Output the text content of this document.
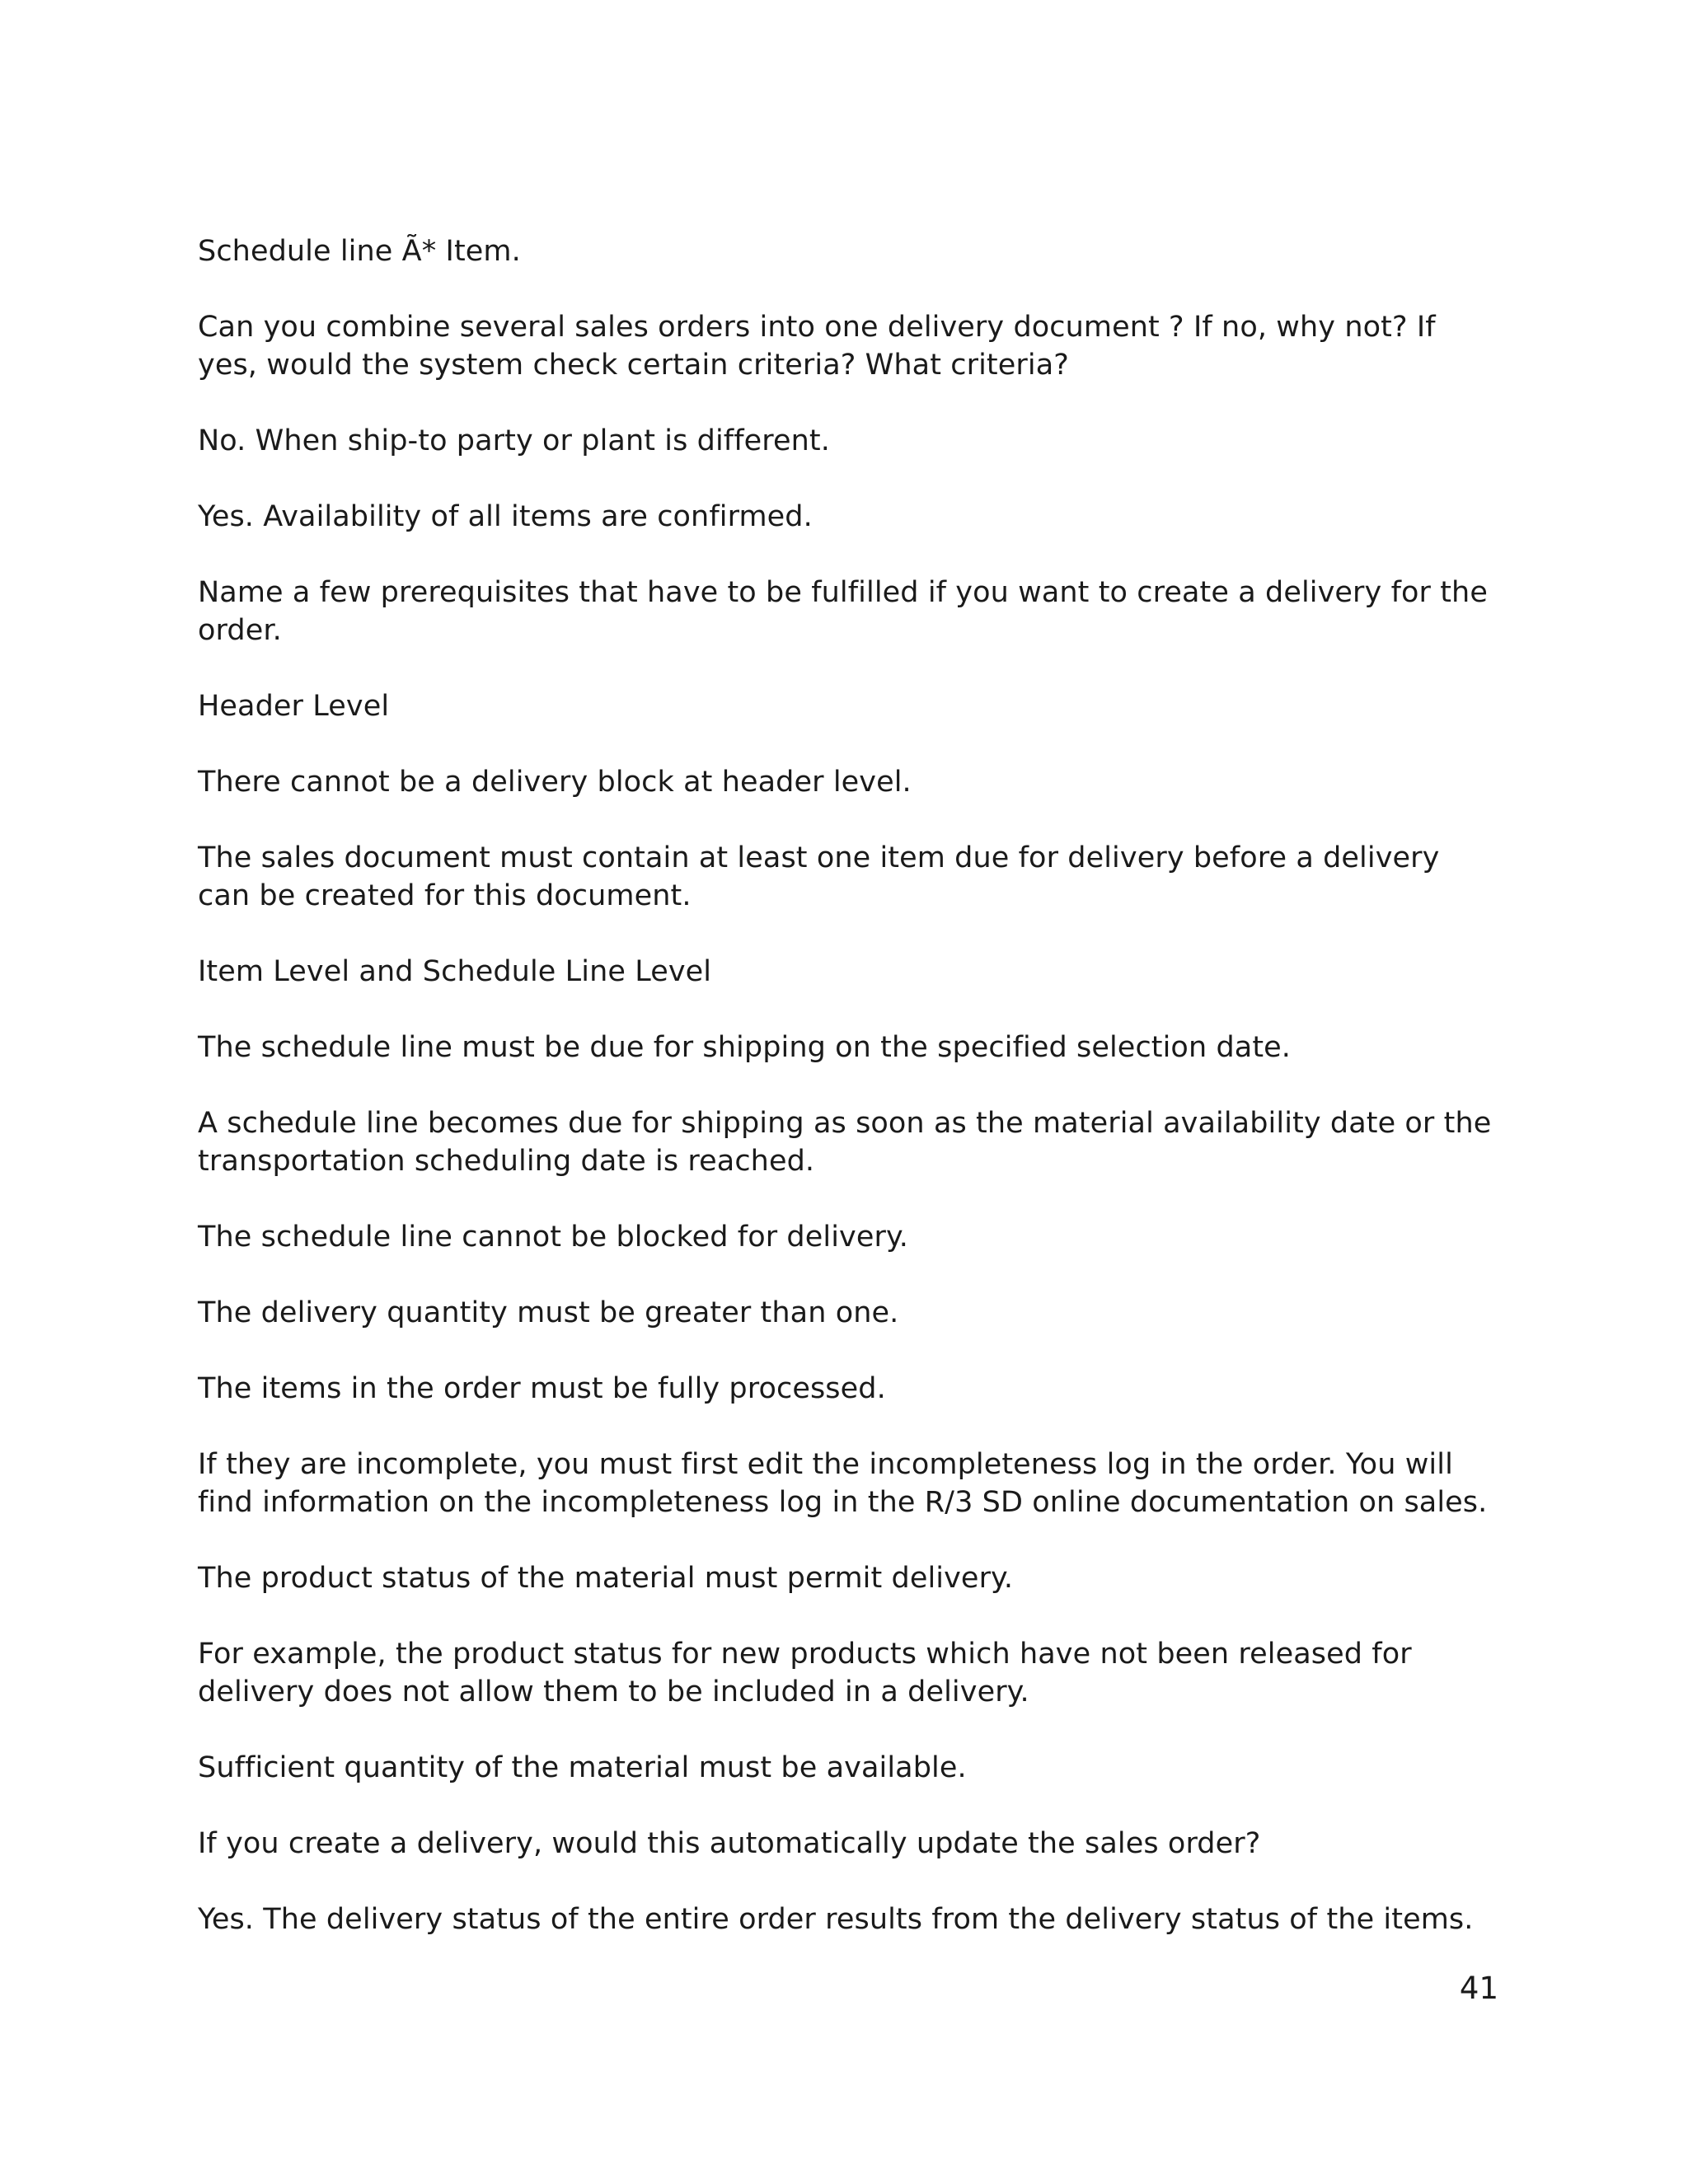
Schedule line Ã* Item.

Can you combine several sales orders into one delivery document ? If no, why not? If yes, would the system check certain criteria? What criteria?

No. When ship-to party or plant is different.

Yes. Availability of all items are confirmed.

Name a few prerequisites that have to be fulfilled if you want to create a delivery for the order.

Header Level

There cannot be a delivery block at header level.

The sales document must contain at least one item due for delivery before a delivery can be created for this document.

Item Level and Schedule Line Level

The schedule line must be due for shipping on the specified selection date.

A schedule line becomes due for shipping as soon as the material availability date or the transportation scheduling date is reached.

The schedule line cannot be blocked for delivery.

The delivery quantity must be greater than one.

The items in the order must be fully processed.

If they are incomplete, you must first edit the incompleteness log in the order. You will find information on the incompleteness log in the R/3 SD online documentation on sales.

The product status of the material must permit delivery.

For example, the product status for new products which have not been released for delivery does not allow them to be included in a delivery.

Sufficient quantity of the material must be available.

If you create a delivery, would this automatically update the sales order?

Yes. The delivery status of the entire order results from the delivery status of the items.

41
